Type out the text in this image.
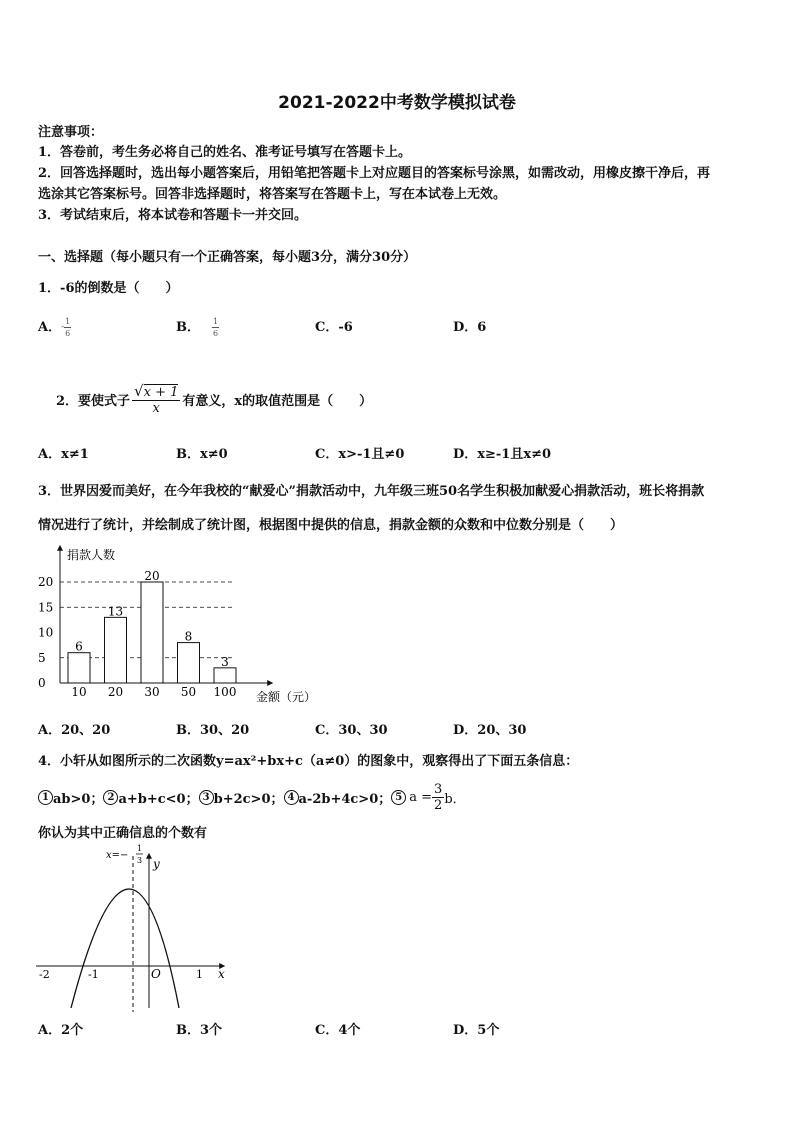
2021-2022中考数学模拟试卷
注意事项：
1．答卷前，考生务必将自己的姓名、准考证号填写在答题卡上。
2．回答选择题时，选出每小题答案后，用铅笔把答题卡上对应题目的答案标号涂黑，如需改动，用橡皮擦干净后，再
选涂其它答案标号。回答非选择题时，将答案写在答题卡上，写在本试卷上无效。
3．考试结束后，将本试卷和答题卡一并交回。
一、选择题（每小题只有一个正确答案，每小题3分，满分30分）
1．-6的倒数是（　　）
A．- $\frac{1}{6}$	B． $\frac{1}{6}$	C．-6	D．6
2．要使式子 $\frac{√x + 1}{x}$ 有意义，x的取值范围是（　　）
A．x≠1	B．x≠0	C．x>-1且≠0	D．x≥-1且x≠0
3．世界因爱而美好，在今年我校的“献爱心”捐款活动中，九年级三班50名学生积极加献爱心捐款活动，班长将捐款
情况进行了统计，并绘制成了统计图，根据图中提供的信息，捐款金额的众数和中位数分别是（　　）
捐款人数
金额（元）
0
5
10
15
20
6
10
13
20
20
30
8
50
3
100
A．20、20	B．30、20	C．30、30	D．20、30
4．小轩从如图所示的二次函数y=ax²+bx+c（a≠0）的图象中，观察得出了下面五条信息：
1 ab>0； 2 a+b+c<0； 3 b+2c>0； 4 a-2b+4c>0； 5 $a = \frac{3}{2}$ b．
你认为其中正确信息的个数有
x=−
1
3 y
x
O
-2	-1	1
A．2个	B．3个	C．4个	D．5个
